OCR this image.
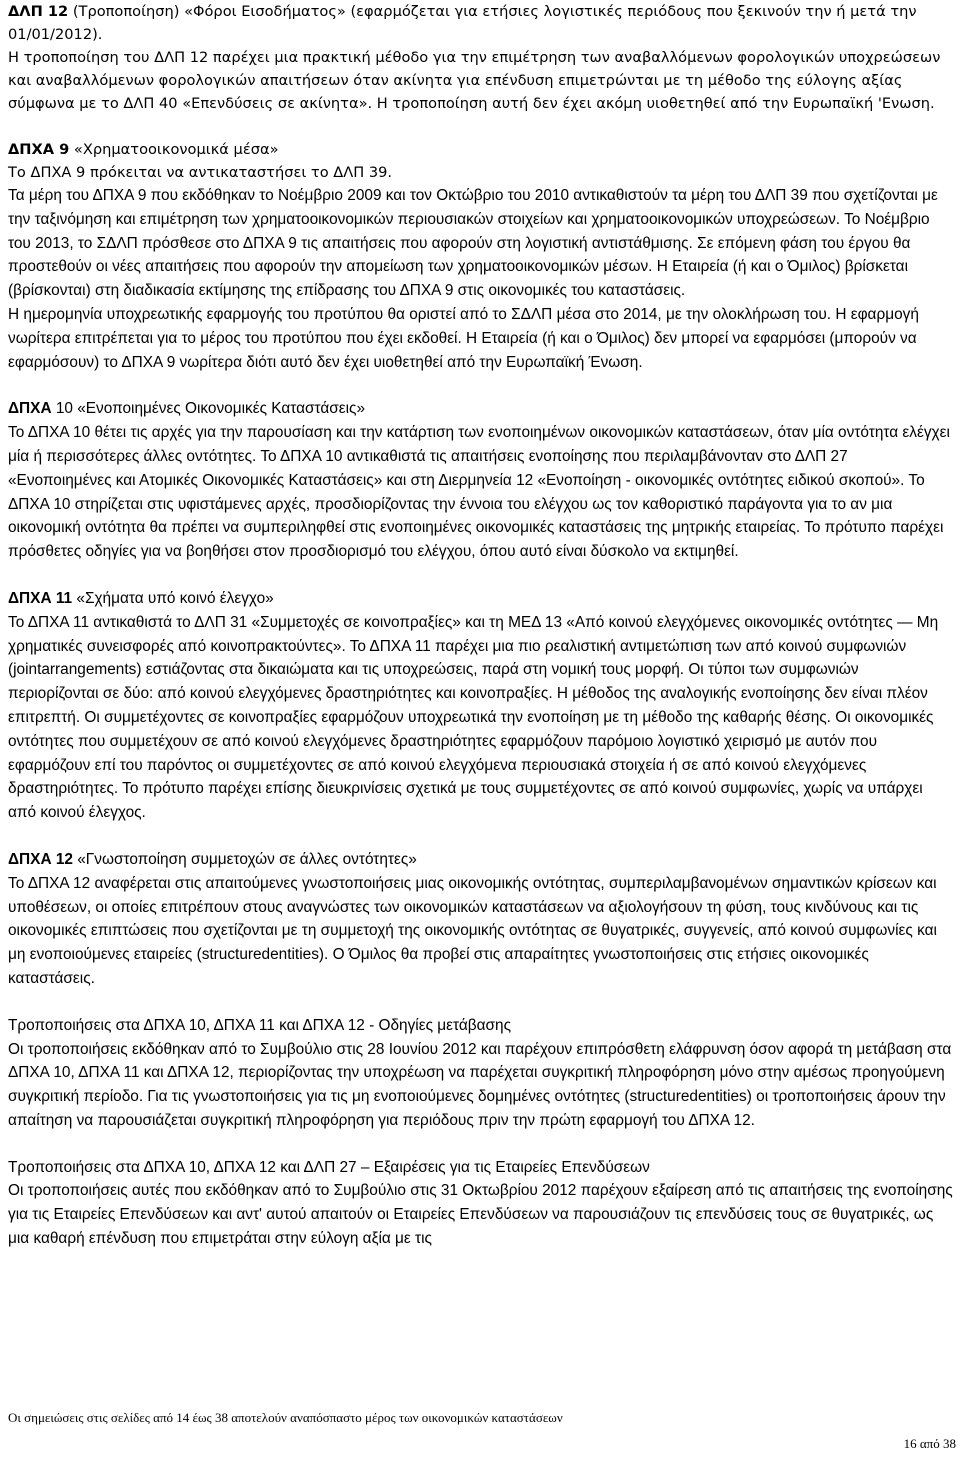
ΔΛΠ 12 (Τροποποίηση) «Φόροι Εισοδήματος» (εφαρμόζεται για ετήσιες λογιστικές περιόδους που ξεκινούν την ή μετά την 01/01/2012).

Η τροποποίηση του ΔΛΠ 12 παρέχει μια πρακτική μέθοδο για την επιμέτρηση των αναβαλλόμενων φορολογικών υποχρεώσεων και αναβαλλόμενων φορολογικών απαιτήσεων όταν ακίνητα για επένδυση επιμετρώνται με τη μέθοδο της εύλογης αξίας σύμφωνα με το ΔΛΠ 40 «Επενδύσεις σε ακίνητα». Η τροποποίηση αυτή δεν έχει ακόμη υιοθετηθεί από την Ευρωπαϊκή 'Ενωση.

ΔΠΧΑ 9 «Χρηματοοικονομικά μέσα»

Το ΔΠΧΑ 9 πρόκειται να αντικαταστήσει το ΔΛΠ 39.

Τα μέρη του ΔΠΧΑ 9 που εκδόθηκαν το Νοέμβριο 2009 και τον Οκτώβριο του 2010 αντικαθιστούν τα μέρη του ΔΛΠ 39 που σχετίζονται με την ταξινόμηση και επιμέτρηση των χρηματοοικονομικών περιουσιακών στοιχείων και χρηματοοικονομικών υποχρεώσεων. Το Νοέμβριο του 2013, το ΣΔΛΠ πρόσθεσε στο ΔΠΧΑ 9 τις απαιτήσεις που αφορούν στη λογιστική αντιστάθμισης. Σε επόμενη φάση του έργου θα προστεθούν οι νέες απαιτήσεις που αφορούν την απομείωση των χρηματοοικονομικών μέσων. Η Εταιρεία (ή και ο Όμιλος) βρίσκεται (βρίσκονται) στη διαδικασία εκτίμησης της επίδρασης του ΔΠΧΑ 9 στις οικονομικές του καταστάσεις.

Η ημερομηνία υποχρεωτικής εφαρμογής του προτύπου θα οριστεί από το ΣΔΛΠ μέσα στο 2014, με την ολοκλήρωση του. Η εφαρμογή νωρίτερα επιτρέπεται για το μέρος του προτύπου που έχει εκδοθεί. Η Εταιρεία (ή και ο Όμιλος) δεν μπορεί να εφαρμόσει (μπορούν να εφαρμόσουν) το ΔΠΧΑ 9 νωρίτερα διότι αυτό δεν έχει υιοθετηθεί από την Ευρωπαϊκή Ένωση.

ΔΠΧΑ 10 «Ενοποιημένες Οικονομικές Καταστάσεις»

Το ΔΠΧΑ 10 θέτει τις αρχές για την παρουσίαση και την κατάρτιση των ενοποιημένων οικονομικών καταστάσεων, όταν μία οντότητα ελέγχει μία ή περισσότερες άλλες οντότητες. Το ΔΠΧΑ 10 αντικαθιστά τις απαιτήσεις ενοποίησης που περιλαμβάνονταν στο ΔΛΠ 27 «Ενοποιημένες και Ατομικές Οικονομικές Καταστάσεις» και στη Διερμηνεία 12 «Ενοποίηση - οικονομικές οντότητες ειδικού σκοπού». Το ΔΠΧΑ 10 στηρίζεται στις υφιστάμενες αρχές, προσδιορίζοντας την έννοια του ελέγχου ως τον καθοριστικό παράγοντα για το αν μια οικονομική οντότητα θα πρέπει να συμπεριληφθεί στις ενοποιημένες οικονομικές καταστάσεις της μητρικής εταιρείας. Το πρότυπο παρέχει πρόσθετες οδηγίες για να βοηθήσει στον προσδιορισμό του ελέγχου, όπου αυτό είναι δύσκολο να εκτιμηθεί.

ΔΠΧΑ 11 «Σχήματα υπό κοινό έλεγχο»

Το ΔΠΧΑ 11 αντικαθιστά το ΔΛΠ 31 «Συμμετοχές σε κοινοπραξίες» και τη ΜΕΔ 13 «Από κοινού ελεγχόμενες οικονομικές οντότητες — Μη χρηματικές συνεισφορές από κοινοπρακτούντες». Το ΔΠΧΑ 11 παρέχει μια πιο ρεαλιστική αντιμετώπιση των από κοινού συμφωνιών (jointarrangements) εστιάζοντας στα δικαιώματα και τις υποχρεώσεις, παρά στη νομική τους μορφή. Οι τύποι των συμφωνιών περιορίζονται σε δύο: από κοινού ελεγχόμενες δραστηριότητες και κοινοπραξίες. Η μέθοδος της αναλογικής ενοποίησης δεν είναι πλέον επιτρεπτή. Οι συμμετέχοντες σε κοινοπραξίες εφαρμόζουν υποχρεωτικά την ενοποίηση με τη μέθοδο της καθαρής θέσης. Οι οικονομικές οντότητες που συμμετέχουν σε από κοινού ελεγχόμενες δραστηριότητες εφαρμόζουν παρόμοιο λογιστικό χειρισμό με αυτόν που εφαρμόζουν επί του παρόντος οι συμμετέχοντες σε από κοινού ελεγχόμενα περιουσιακά στοιχεία ή σε από κοινού ελεγχόμενες δραστηριότητες. Το πρότυπο παρέχει επίσης διευκρινίσεις σχετικά με τους συμμετέχοντες σε από κοινού συμφωνίες, χωρίς να υπάρχει από κοινού έλεγχος.

ΔΠΧΑ 12 «Γνωστοποίηση συμμετοχών σε άλλες οντότητες»

Το ΔΠΧΑ 12 αναφέρεται στις απαιτούμενες γνωστοποιήσεις μιας οικονομικής οντότητας, συμπεριλαμβανομένων σημαντικών κρίσεων και υποθέσεων, οι οποίες επιτρέπουν στους αναγνώστες των οικονομικών καταστάσεων να αξιολογήσουν τη φύση, τους κινδύνους και τις οικονομικές επιπτώσεις που σχετίζονται με τη συμμετοχή της οικονομικής οντότητας σε θυγατρικές, συγγενείς, από κοινού συμφωνίες και μη ενοποιούμενες εταιρείες (structuredentities). Ο Όμιλος θα προβεί στις απαραίτητες γνωστοποιήσεις στις ετήσιες οικονομικές καταστάσεις.

Τροποποιήσεις στα ΔΠΧΑ 10, ΔΠΧΑ 11 και ΔΠΧΑ 12 - Οδηγίες μετάβασης

Οι τροποποιήσεις εκδόθηκαν από το Συμβούλιο στις 28 Ιουνίου 2012 και παρέχουν επιπρόσθετη ελάφρυνση όσον αφορά τη μετάβαση στα ΔΠΧΑ 10, ΔΠΧΑ 11 και ΔΠΧΑ 12, περιορίζοντας την υποχρέωση να παρέχεται συγκριτική πληροφόρηση μόνο στην αμέσως προηγούμενη συγκριτική περίοδο. Για τις γνωστοποιήσεις για τις μη ενοποιούμενες δομημένες οντότητες (structuredentities) οι τροποποιήσεις άρουν την απαίτηση να παρουσιάζεται συγκριτική πληροφόρηση για περιόδους πριν την πρώτη εφαρμογή του ΔΠΧΑ 12.

Τροποποιήσεις στα ΔΠΧΑ 10, ΔΠΧΑ 12 και ΔΛΠ 27 – Εξαιρέσεις για τις Εταιρείες Επενδύσεων

Οι τροποποιήσεις αυτές που εκδόθηκαν από το Συμβούλιο στις 31 Οκτωβρίου 2012 παρέχουν εξαίρεση από τις απαιτήσεις της ενοποίησης για τις Εταιρείες Επενδύσεων και αντ' αυτού απαιτούν οι Εταιρείες Επενδύσεων να παρουσιάζουν τις επενδύσεις τους σε θυγατρικές, ως μια καθαρή επένδυση που επιμετράται στην εύλογη αξία με τις

Οι σημειώσεις στις σελίδες από 14 έως 38 αποτελούν αναπόσπαστο μέρος των οικονομικών καταστάσεων
16 από 38
